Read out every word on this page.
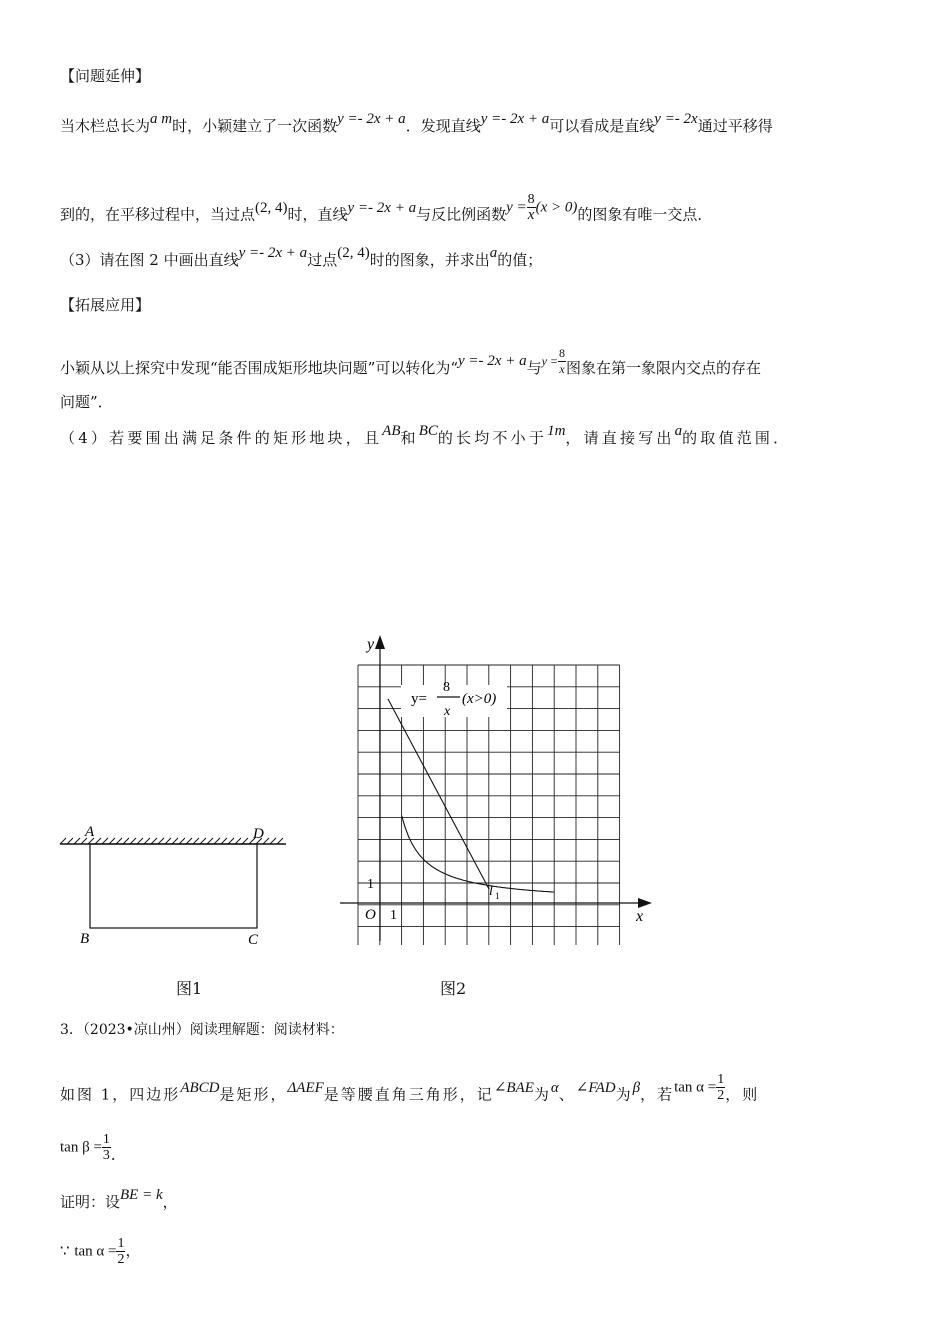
【问题延伸】
当木栏总长为a m时，小颖建立了一次函数y =- 2x + a．发现直线y =- 2x + a可以看成是直线y =- 2x通过平移得
到的，在平移过程中，当过点(2, 4)时，直线y =- 2x + a与反比例函数$y = \frac{8}{x} (x > 0)$的图象有唯一交点．
（3）请在图 2 中画出直线y =- 2x + a过点(2, 4)时的图象，并求出a的值；
【拓展应用】
小颖从以上探究中发现“能否围成矩形地块问题”可以转化为“y =- 2x + a与$y = \frac{8}{x}$ 图象在第一象限内交点的存在
问题”．
（4）若要围出满足条件的矩形地块，且AB和BC的长均不小于1m，请直接写出a的取值范围．
A	D
B	C
图1
y
x
O 1
1
y=
8
x
(x>0)
l 1
图2
3．（2023•凉山州）阅读理解题：阅读材料：
如图 1，四边形ABCD是矩形，ΔAEF是等腰直角三角形，记∠BAE为α、∠FAD为β，若$\tan \alpha = \frac{1}{2}$ ，则
$\tan \beta = \frac{1}{3}$ ．
证明：设BE = k，
∵ $\tan \alpha = \frac{1}{2}$ ，
